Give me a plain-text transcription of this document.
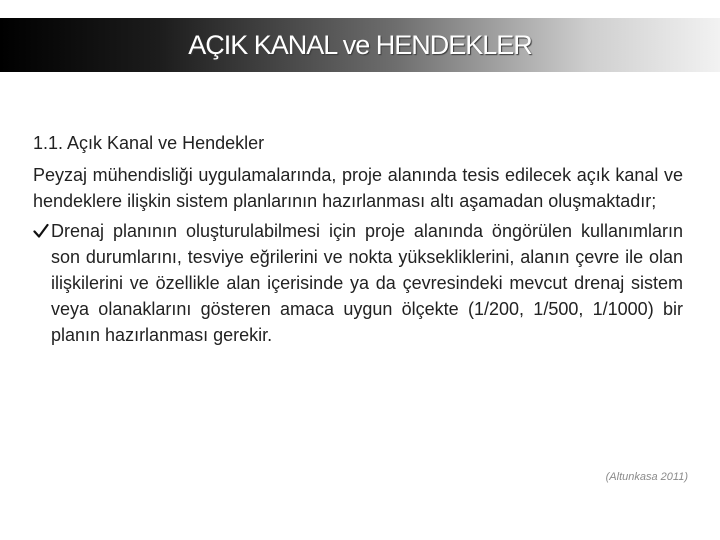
AÇIK KANAL ve HENDEKLER

1.1. Açık Kanal ve Hendekler

Peyzaj mühendisliği uygulamalarında, proje alanında tesis edilecek açık kanal ve hendeklere ilişkin sistem planlarının hazırlanması altı aşamadan oluşmaktadır;

Drenaj planının oluşturulabilmesi için proje alanında öngörülen kullanımların son durumlarını, tesviye eğrilerini ve nokta yüksekliklerini, alanın çevre ile olan ilişkilerini ve özellikle alan içerisinde ya da çevresindeki mevcut drenaj sistem veya olanaklarını gösteren amaca uygun ölçekte (1/200, 1/500, 1/1000) bir planın hazırlanması gerekir.
(Altunkasa 2011)
